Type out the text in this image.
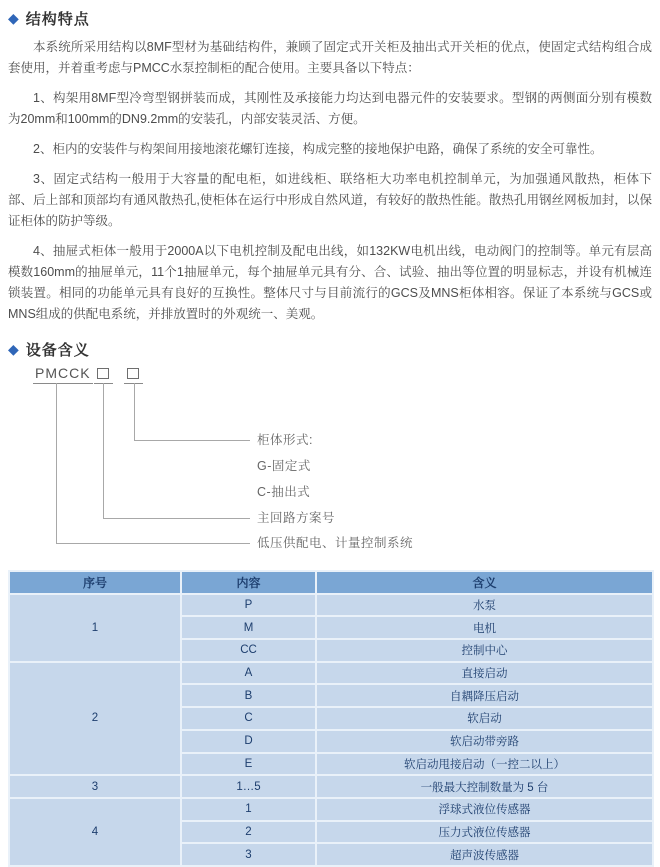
◆ 结构特点

本系统所采用结构以8MF型材为基础结构件，兼顾了固定式开关柜及抽出式开关柜的优点，使固定式结构组合成套使用，并着重考虑与PMCC水泵控制柜的配合使用。主要具备以下特点：

1、构架用8MF型冷弯型钢拼装而成，其刚性及承接能力均达到电器元件的安装要求。型钢的两侧面分别有模数为20mm和100mm的DN9.2mm的安装孔，内部安装灵活、方便。

2、柜内的安装件与构架间用接地滚花螺钉连接，构成完整的接地保护电路，确保了系统的安全可靠性。

3、固定式结构一般用于大容量的配电柜，如进线柜、联络柜大功率电机控制单元，为加强通风散热，柜体下部、后上部和顶部均有通风散热孔,使柜体在运行中形成自然风道，有较好的散热性能。散热孔用钢丝网板加封，以保证柜体的防护等级。

4、抽屉式柜体一般用于2000A以下电机控制及配电出线，如132KW电机出线，电动阀门的控制等。单元有层高模数160mm的抽屉单元，11个1抽屉单元，每个抽屉单元具有分、合、试验、抽出等位置的明显标志，并设有机械连锁装置。相同的功能单元具有良好的互换性。整体尺寸与目前流行的GCS及MNS柜体相容。保证了本系统与GCS或MNS组成的供配电系统，并排放置时的外观统一、美观。

◆ 设备含义
PMCCK
柜体形式:
G-固定式
C-抽出式
主回路方案号
低压供配电、计量控制系统
序号	内容	含义
1	P	水泵
	M	电机
	CC	控制中心
2	A	直接启动
	B	自耦降压启动
	C	软启动
	D	软启动带旁路
	E	软启动甩接启动（一控二以上）
3	1…5	一般最大控制数量为 5 台
4	1	浮球式液位传感器
	2	压力式液位传感器
	3	超声波传感器
